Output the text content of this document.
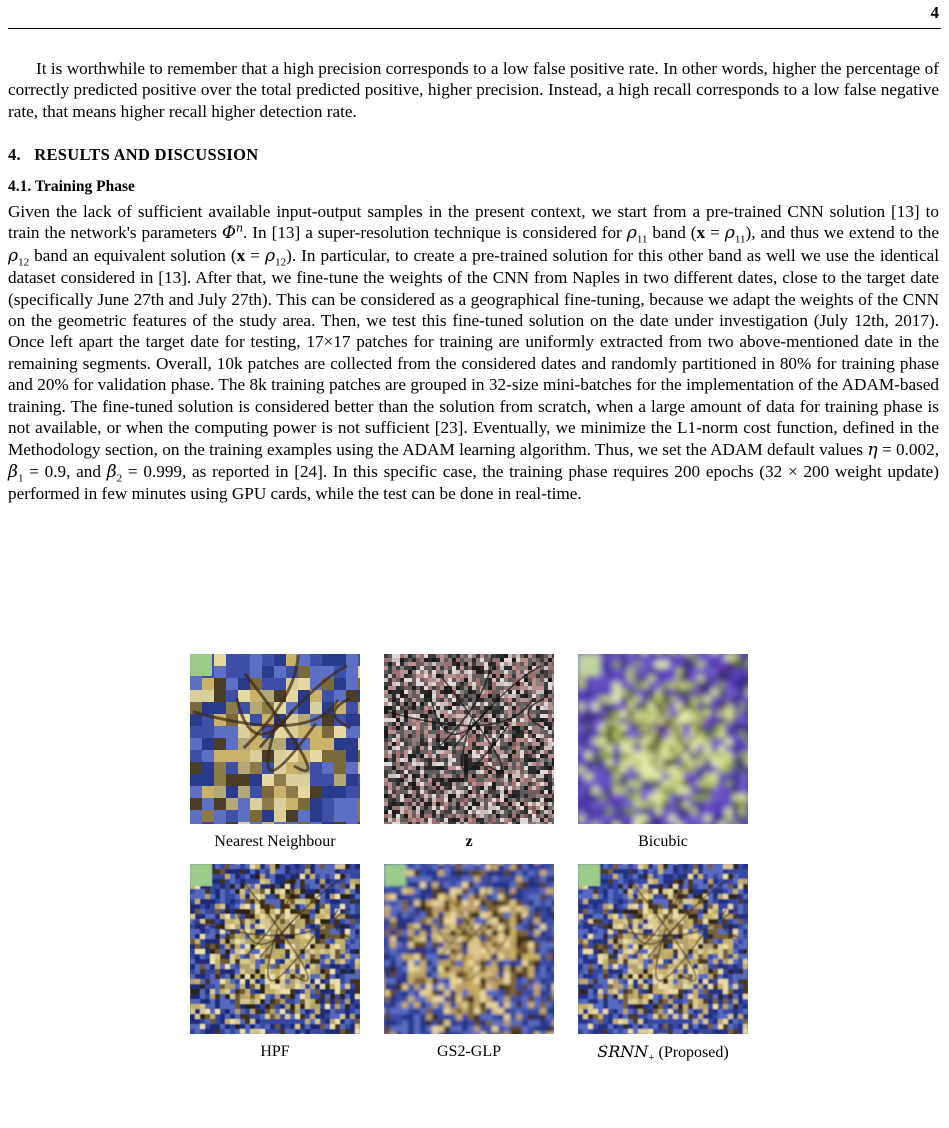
4

It is worthwhile to remember that a high precision corresponds to a low false positive rate. In other words, higher the percentage of correctly predicted positive over the total predicted positive, higher precision. Instead, a high recall corresponds to a low false negative rate, that means higher recall higher detection rate.

4. RESULTS AND DISCUSSION

4.1. Training Phase

Given the lack of sufficient available input-output samples in the present context, we start from a pre-trained CNN solution [13] to train the network's parameters $\Phi^n$. In [13] a super-resolution technique is considered for $\rho_{11}$ band $(x = \rho_{11})$, and thus we extend to the $\rho_{12}$ band an equivalent solution $(x = \rho_{12})$. In particular, to create a pre-trained solution for this other band as well we use the identical dataset considered in [13]. After that, we fine-tune the weights of the CNN from Naples in two different dates, close to the target date (specifically June 27th and July 27th). This can be considered as a geographical fine-tuning, because we adapt the weights of the CNN on the geometric features of the study area. Then, we test this fine-tuned solution on the date under investigation (July 12th, 2017). Once left apart the target date for testing, 17×17 patches for training are uniformly extracted from two above-mentioned date in the remaining segments. Overall, 10k patches are collected from the considered dates and randomly partitioned in 80% for training phase and 20% for validation phase. The 8k training patches are grouped in 32-size mini-batches for the implementation of the ADAM-based training. The fine-tuned solution is considered better than the solution from scratch, when a large amount of data for training phase is not available, or when the computing power is not sufficient [23]. Eventually, we minimize the L1-norm cost function, defined in the Methodology section, on the training examples using the ADAM learning algorithm. Thus, we set the ADAM default values η = 0.002, $\beta_1 = 0.9$, and $\beta_2 = 0.999$, as reported in [24]. In this specific case, the training phase requires 200 epochs (32 × 200 weight update) performed in few minutes using GPU cards, while the test can be done in real-time.

Nearest Neighbour	z	Bicubic
HPF	GS2-GLP	$SRNN_+$ (Proposed)
